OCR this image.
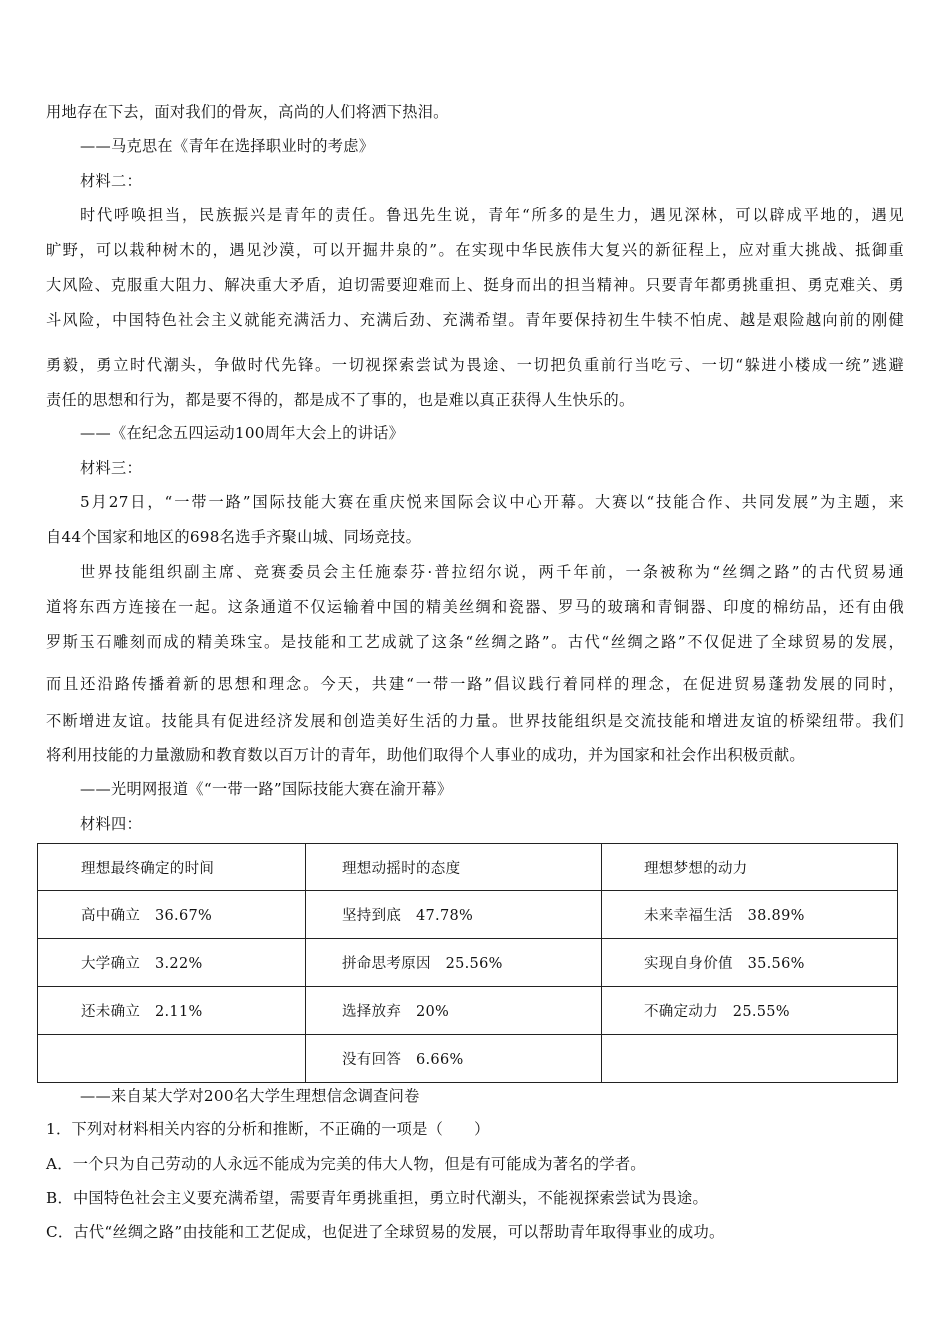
用地存在下去，面对我们的骨灰，高尚的人们将洒下热泪。
——马克思在《青年在选择职业时的考虑》
材料二：
时代呼唤担当，民族振兴是青年的责任。鲁迅先生说，青年“所多的是生力，遇见深林，可以辟成平地的，遇见
旷野，可以栽种树木的，遇见沙漠，可以开掘井泉的”。在实现中华民族伟大复兴的新征程上，应对重大挑战、抵御重
大风险、克服重大阻力、解决重大矛盾，迫切需要迎难而上、挺身而出的担当精神。只要青年都勇挑重担、勇克难关、勇
斗风险，中国特色社会主义就能充满活力、充满后劲、充满希望。青年要保持初生牛犊不怕虎、越是艰险越向前的刚健
勇毅，勇立时代潮头，争做时代先锋。一切视探索尝试为畏途、一切把负重前行当吃亏、一切“躲进小楼成一统”逃避
责任的思想和行为，都是要不得的，都是成不了事的，也是难以真正获得人生快乐的。
——《在纪念五四运动100周年大会上的讲话》
材料三：
5月27日，“一带一路”国际技能大赛在重庆悦来国际会议中心开幕。大赛以“技能合作、共同发展”为主题，来
自44个国家和地区的698名选手齐聚山城、同场竞技。
世界技能组织副主席、竞赛委员会主任施泰芬·普拉绍尔说，两千年前，一条被称为“丝绸之路”的古代贸易通
道将东西方连接在一起。这条通道不仅运输着中国的精美丝绸和瓷器、罗马的玻璃和青铜器、印度的棉纺品，还有由俄
罗斯玉石雕刻而成的精美珠宝。是技能和工艺成就了这条“丝绸之路”。古代“丝绸之路”不仅促进了全球贸易的发展，
而且还沿路传播着新的思想和理念。今天，共建“一带一路”倡议践行着同样的理念，在促进贸易蓬勃发展的同时，
不断增进友谊。技能具有促进经济发展和创造美好生活的力量。世界技能组织是交流技能和增进友谊的桥梁纽带。我们
将利用技能的力量激励和教育数以百万计的青年，助他们取得个人事业的成功，并为国家和社会作出积极贡献。
——光明网报道《“一带一路”国际技能大赛在渝开幕》
材料四：
理想最终确定的时间	理想动摇时的态度	理想梦想的动力
高中确立　36.67%	坚持到底　47.78%	未来幸福生活　38.89%
大学确立　3.22%	拼命思考原因　25.56%	实现自身价值　35.56%
还未确立　2.11%	选择放弃　20%	不确定动力　25.55%
	没有回答　6.66%	
——来自某大学对200名大学生理想信念调查问卷
1．下列对材料相关内容的分析和推断，不正确的一项是（　　）
A．一个只为自己劳动的人永远不能成为完美的伟大人物，但是有可能成为著名的学者。
B．中国特色社会主义要充满希望，需要青年勇挑重担，勇立时代潮头，不能视探索尝试为畏途。
C．古代“丝绸之路”由技能和工艺促成，也促进了全球贸易的发展，可以帮助青年取得事业的成功。
